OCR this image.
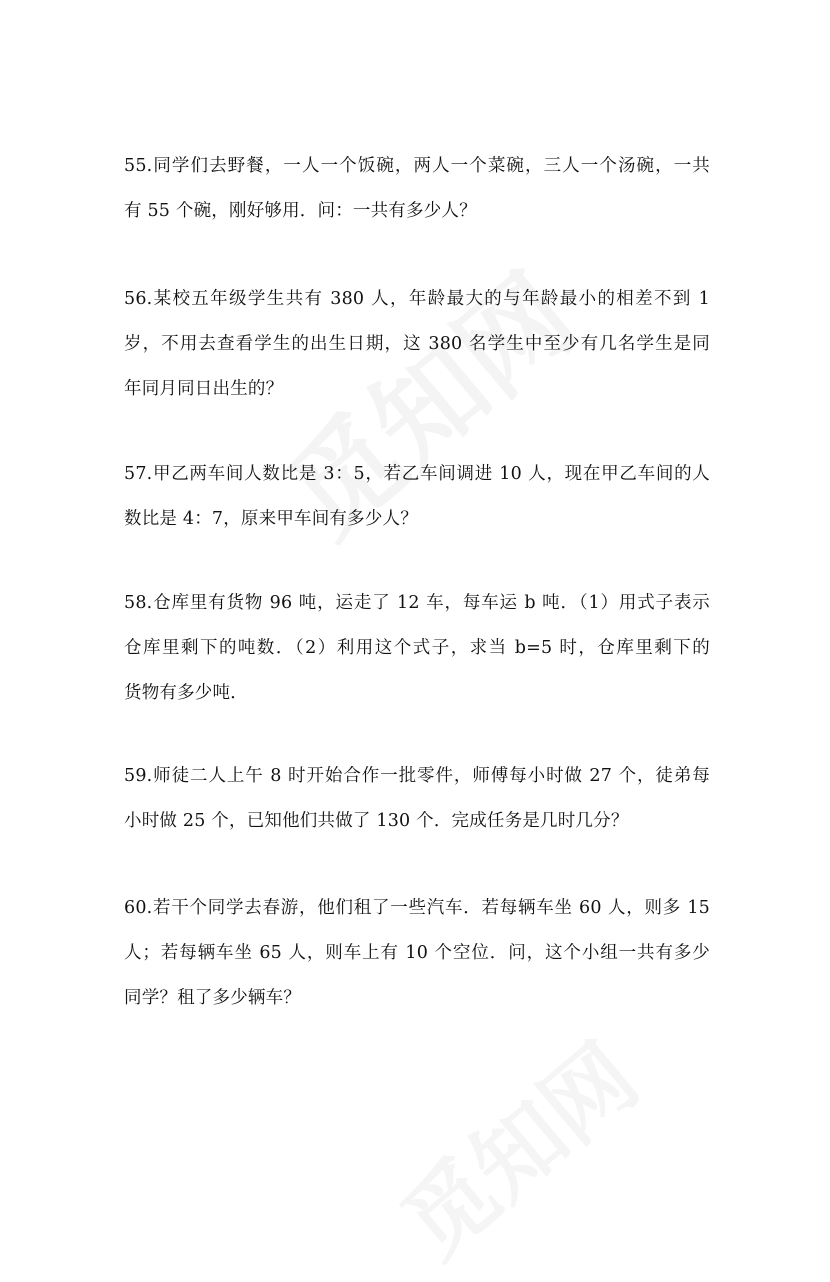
55.同学们去野餐，一人一个饭碗，两人一个菜碗，三人一个汤碗，一共
有 55 个碗，刚好够用．问：一共有多少人？
56.某校五年级学生共有 380 人，年龄最大的与年龄最小的相差不到 1
岁，不用去查看学生的出生日期，这 380 名学生中至少有几名学生是同
年同月同日出生的？
57.甲乙两车间人数比是 3：5，若乙车间调进 10 人，现在甲乙车间的人
数比是 4：7，原来甲车间有多少人？
58.仓库里有货物 96 吨，运走了 12 车，每车运 b 吨．（1）用式子表示
仓库里剩下的吨数．（2）利用这个式子，求当 b=5 时，仓库里剩下的
货物有多少吨．
59.师徒二人上午 8 时开始合作一批零件，师傅每小时做 27 个，徒弟每
小时做 25 个，已知他们共做了 130 个．完成任务是几时几分？
60.若干个同学去春游，他们租了一些汽车．若每辆车坐 60 人，则多 15
人；若每辆车坐 65 人，则车上有 10 个空位．问，这个小组一共有多少
同学？租了多少辆车？
